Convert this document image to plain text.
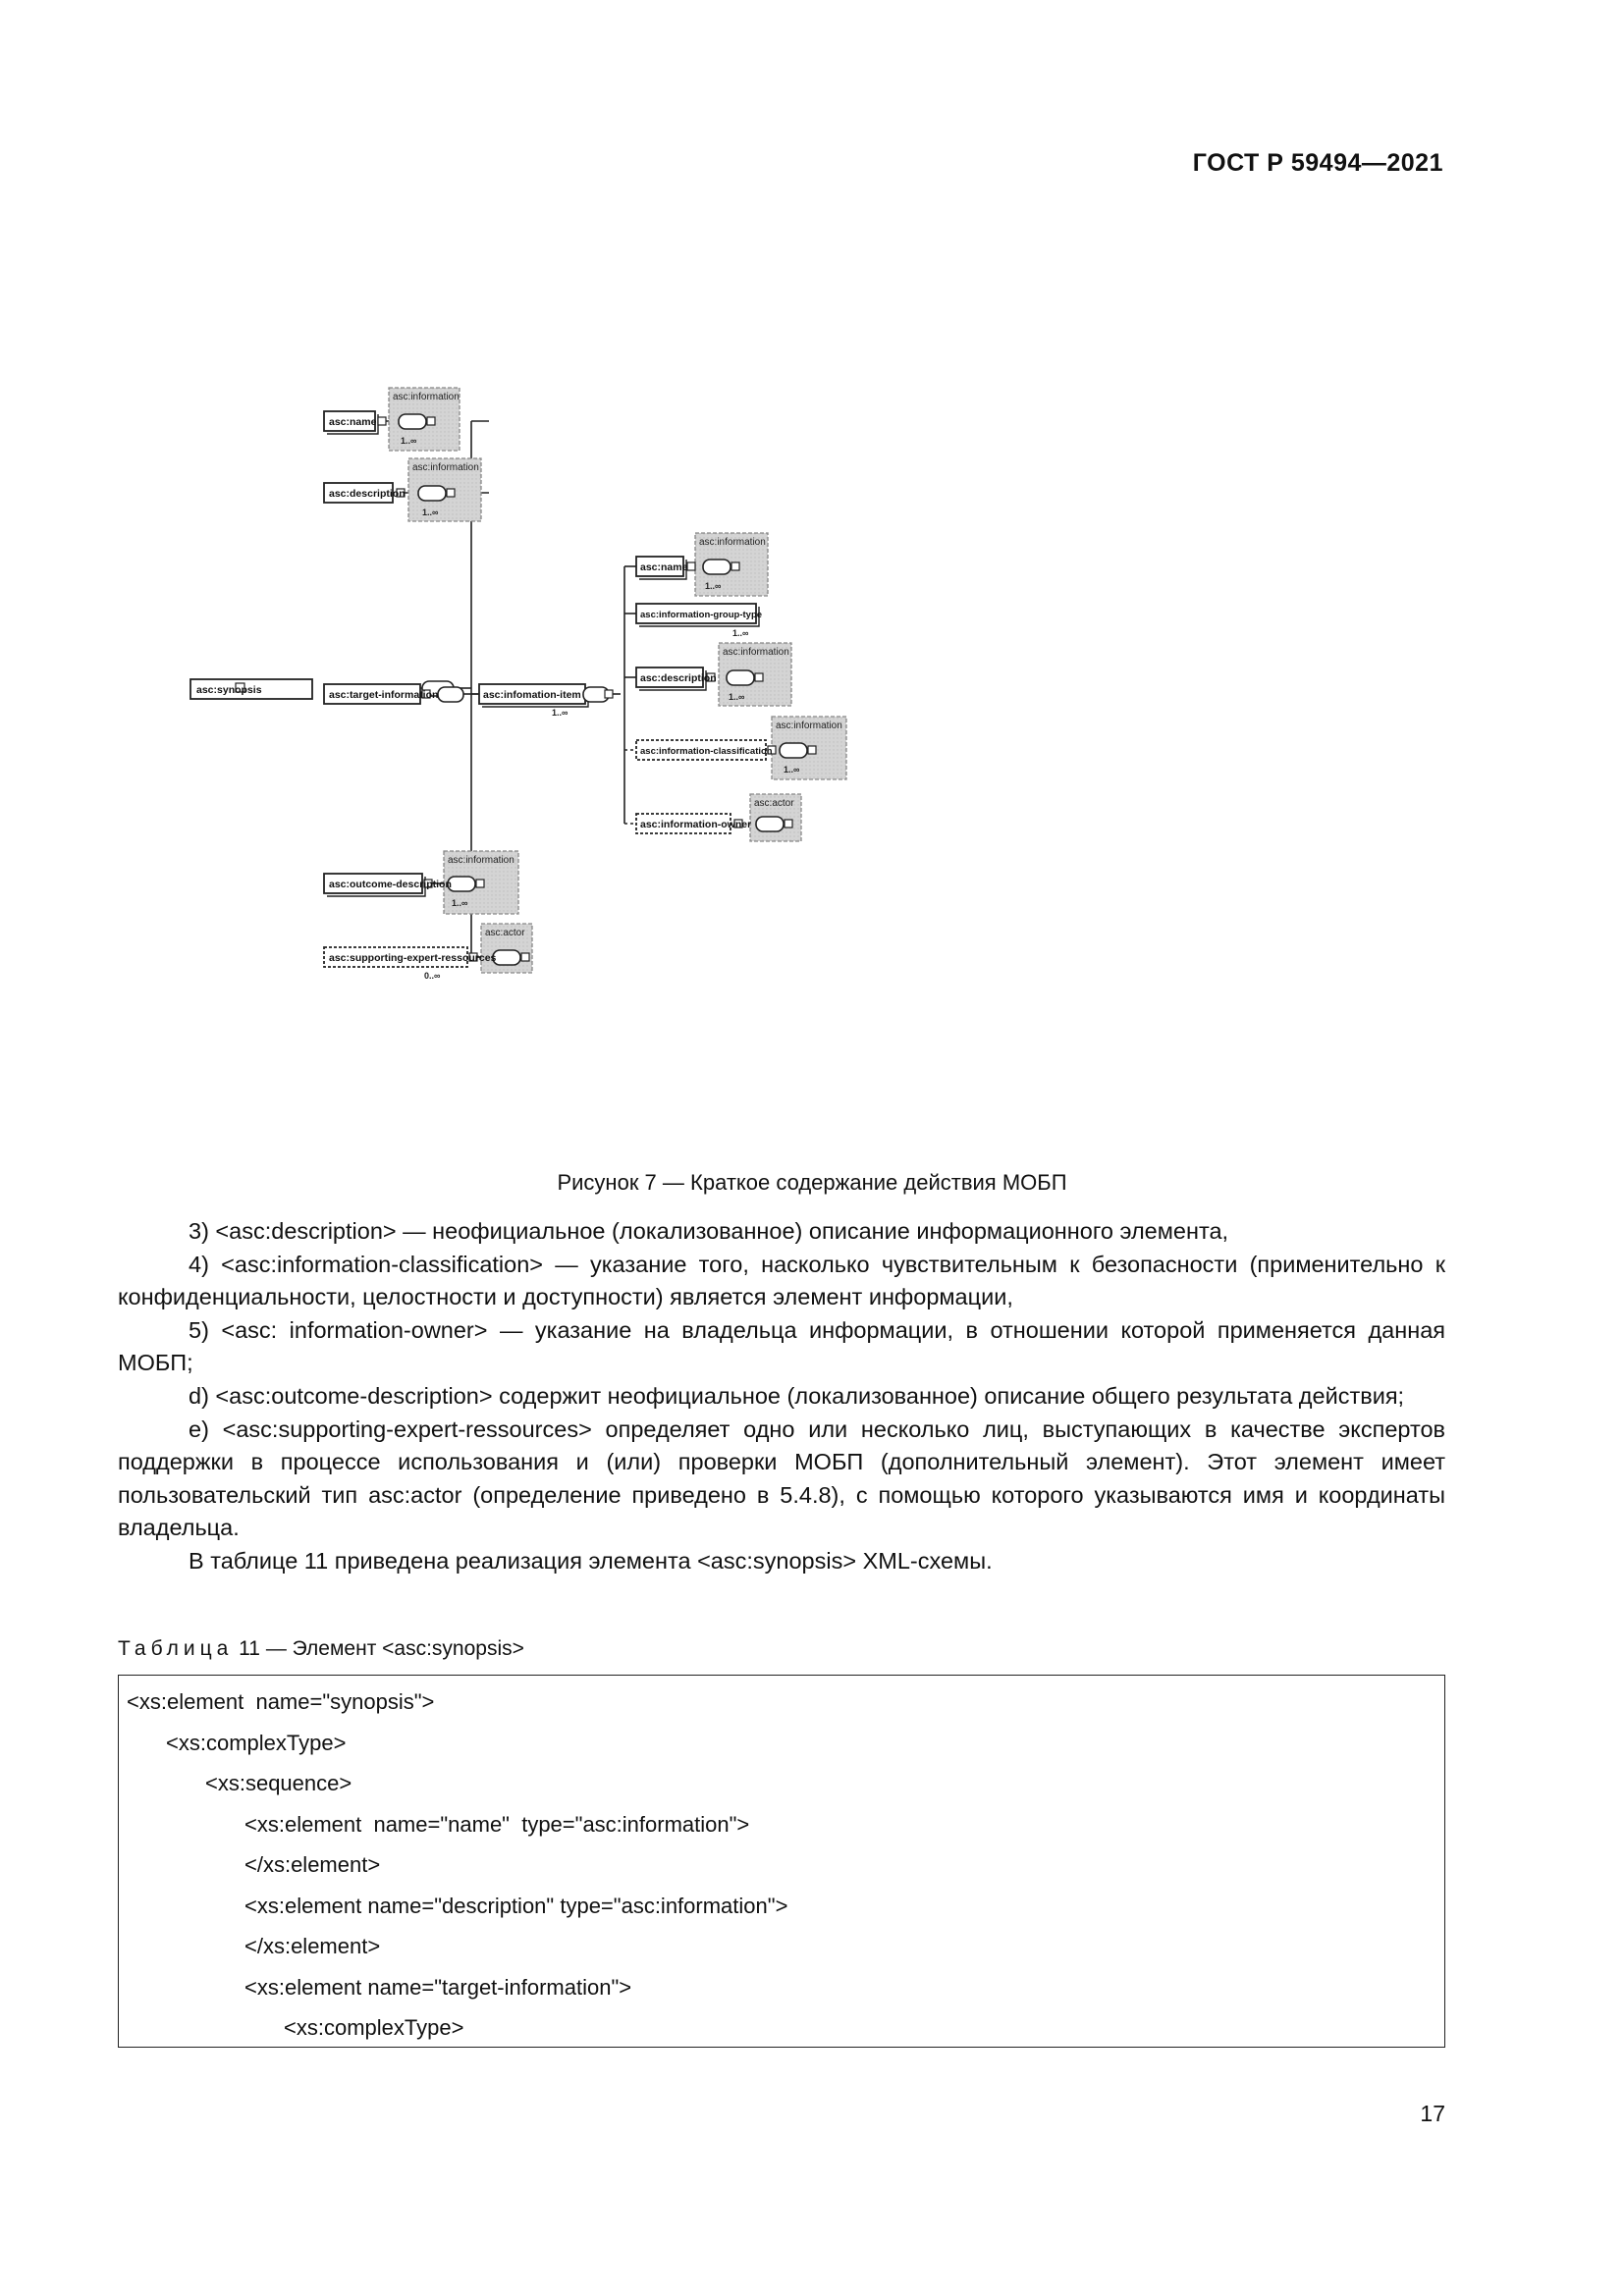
ГОСТ Р 59494—2021
asc:synopsis
asc:name
asc:description
asc:target-information	asc:infomation-item
asc:outcome-description
asc:supporting-expert-ressources
asc:name
asc:information-group-type
asc:description
asc:information-classification
asc:information-owner
asc:information
asc:information
asc:information
asc:information
asc:information
asc:actor
asc:information
asc:actor
1..∞
1..∞
1..∞
1..∞
1..∞
1..∞
1..∞
1..∞
0..∞
Рисунок 7 — Краткое содержание действия МОБП

3) <asc:description> — неофициальное (локализованное) описание информационного элемента,

4) <asc:information-classification> — указание того, насколько чувствительным к безопасности (применительно к конфиденциальности, целостности и доступности) является элемент информации,

5) <asc: information-owner> — указание на владельца информации, в отношении которой применяется данная МОБП;

d) <asc:outcome-description> содержит неофициальное (локализованное) описание общего результата действия;

e) <asc:supporting-expert-ressources> определяет одно или несколько лиц, выступающих в качестве экспертов поддержки в процессе использования и (или) проверки МОБП (дополнительный элемент). Этот элемент имеет пользовательский тип asc:actor (определение приведено в 5.4.8), с помощью которого указываются имя и координаты владельца.

В таблице 11 приведена реализация элемента <asc:synopsis> XML-схемы.

Таблица 11 — Элемент <asc:synopsis>
<xs:element  name="synopsis">
<xs:complexType>
<xs:sequence>
<xs:element  name="name"  type="asc:information">
</xs:element>
<xs:element name="description" type="asc:information">
</xs:element>
<xs:element name="target-information">
<xs:complexType>
17
